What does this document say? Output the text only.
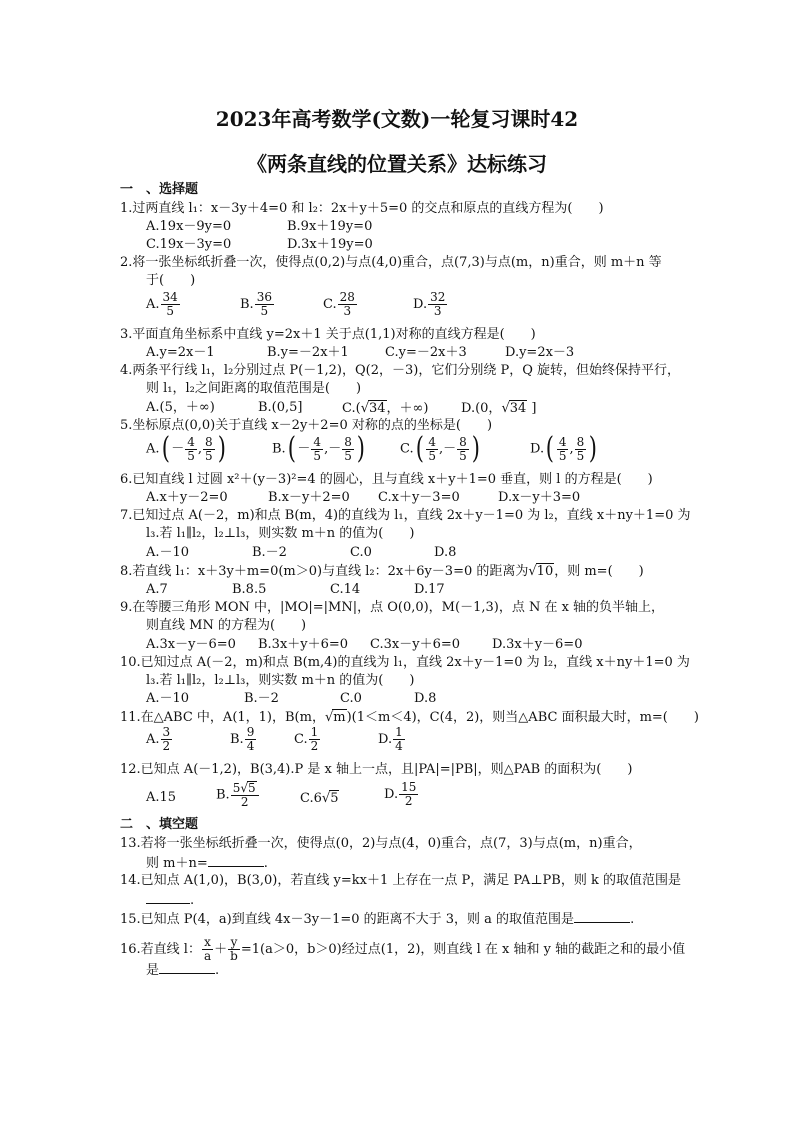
2023年高考数学(文数)一轮复习课时42
《两条直线的位置关系》达标练习
一　、选择题
1.过两直线 l₁：x－3y＋4=0 和 l₂：2x＋y＋5=0 的交点和原点的直线方程为(　　)
A.19x－9y=0	B.9x＋19y=0
C.19x－3y=0	D.3x＋19y=0
2.将一张坐标纸折叠一次，使得点(0,2)与点(4,0)重合，点(7,3)与点(m，n)重合，则 m＋n 等
于(　　)
A. $\frac{34}{5}$	B. $\frac{36}{5}$	C. $\frac{28}{3}$	D. $\frac{32}{3}$
3.平面直角坐标系中直线 y=2x＋1 关于点(1,1)对称的直线方程是(　　)
A.y=2x－1	B.y=－2x＋1	C.y=－2x＋3	D.y=2x－3
4.两条平行线 l₁，l₂分别过点 P(－1,2)，Q(2，－3)，它们分别绕 P，Q 旋转，但始终保持平行，
则 l₁，l₂之间距离的取值范围是(　　)
A.(5，＋∞)	B.(0,5]	C.(√34，＋∞)	D.(0，√34 ]
5.坐标原点(0,0)关于直线 x－2y＋2=0 对称的点的坐标是(　　)
$A.( - \frac{4}{5}$ , $\frac{8}{5}$ )	$B.( - \frac{4}{5}$ ,－ $\frac{8}{5}$ )	$C.( \frac{4}{5}$ ,－ $\frac{8}{5}$ )	$D.( \frac{4}{5}$ , $\frac{8}{5}$ )
6.已知直线 l 过圆 x²＋(y－3)²=4 的圆心，且与直线 x＋y＋1=0 垂直，则 l 的方程是(　　)
A.x＋y－2=0	B.x－y＋2=0 C.x＋y－3=0	D.x－y＋3=0
7.已知过点 A(－2，m)和点 B(m，4)的直线为 l₁，直线 2x＋y－1=0 为 l₂，直线 x＋ny＋1=0 为
l₃.若 l₁∥l₂，l₂⊥l₃，则实数 m＋n 的值为(　　)
A.－10	B.－2	C.0	D.8
8.若直线 l₁：x＋3y＋m=0(m＞0)与直线 l₂：2x＋6y－3=0 的距离为√10，则 m=(　　)
A.7	B.8.5	C.14	D.17
9.在等腰三角形 MON 中，|MO|=|MN|，点 O(0,0)，M(－1,3)，点 N 在 x 轴的负半轴上，
则直线 MN 的方程为(　　)
A.3x－y－6=0 B.3x＋y＋6=0 C.3x－y＋6=0 D.3x＋y－6=0
10.已知过点 A(－2，m)和点 B(m,4)的直线为 l₁，直线 2x＋y－1=0 为 l₂，直线 x＋ny＋1=0 为
l₃.若 l₁∥l₂，l₂⊥l₃，则实数 m＋n 的值为(　　)
A.－10	B.－2	C.0	D.8
11.在△ABC 中，A(1，1)，B(m，√m)(1＜m＜4)，C(4，2)，则当△ABC 面积最大时，m=(　　)
A. $\frac{3}{2}$	B. $\frac{9}{4}$	C. $\frac{1}{2}$	D. $\frac{1}{4}$
12.已知点 A(－1,2)，B(3,4).P 是 x 轴上一点，且|PA|=|PB|，则△PAB 的面积为(　　)
A.15	B. $\frac{5√5}{2}$	C.6√5	D. $\frac{15}{2}$
二　、填空题
13.若将一张坐标纸折叠一次，使得点(0，2)与点(4，0)重合，点(7，3)与点(m，n)重合，
则 m＋n=	.
14.已知点 A(1,0)，B(3,0)，若直线 y=kx＋1 上存在一点 P，满足 PA⊥PB，则 k 的取值范围是
.
15.已知点 P(4，a)到直线 4x－3y－1=0 的距离不大于 3，则 a 的取值范围是	.
16.若直线 l： $\frac{x}{a} + \frac{y}{b} =1(a>0$，b＞0)经过点(1，2)，则直线 l 在 x 轴和 y 轴的截距之和的最小值
是	.
